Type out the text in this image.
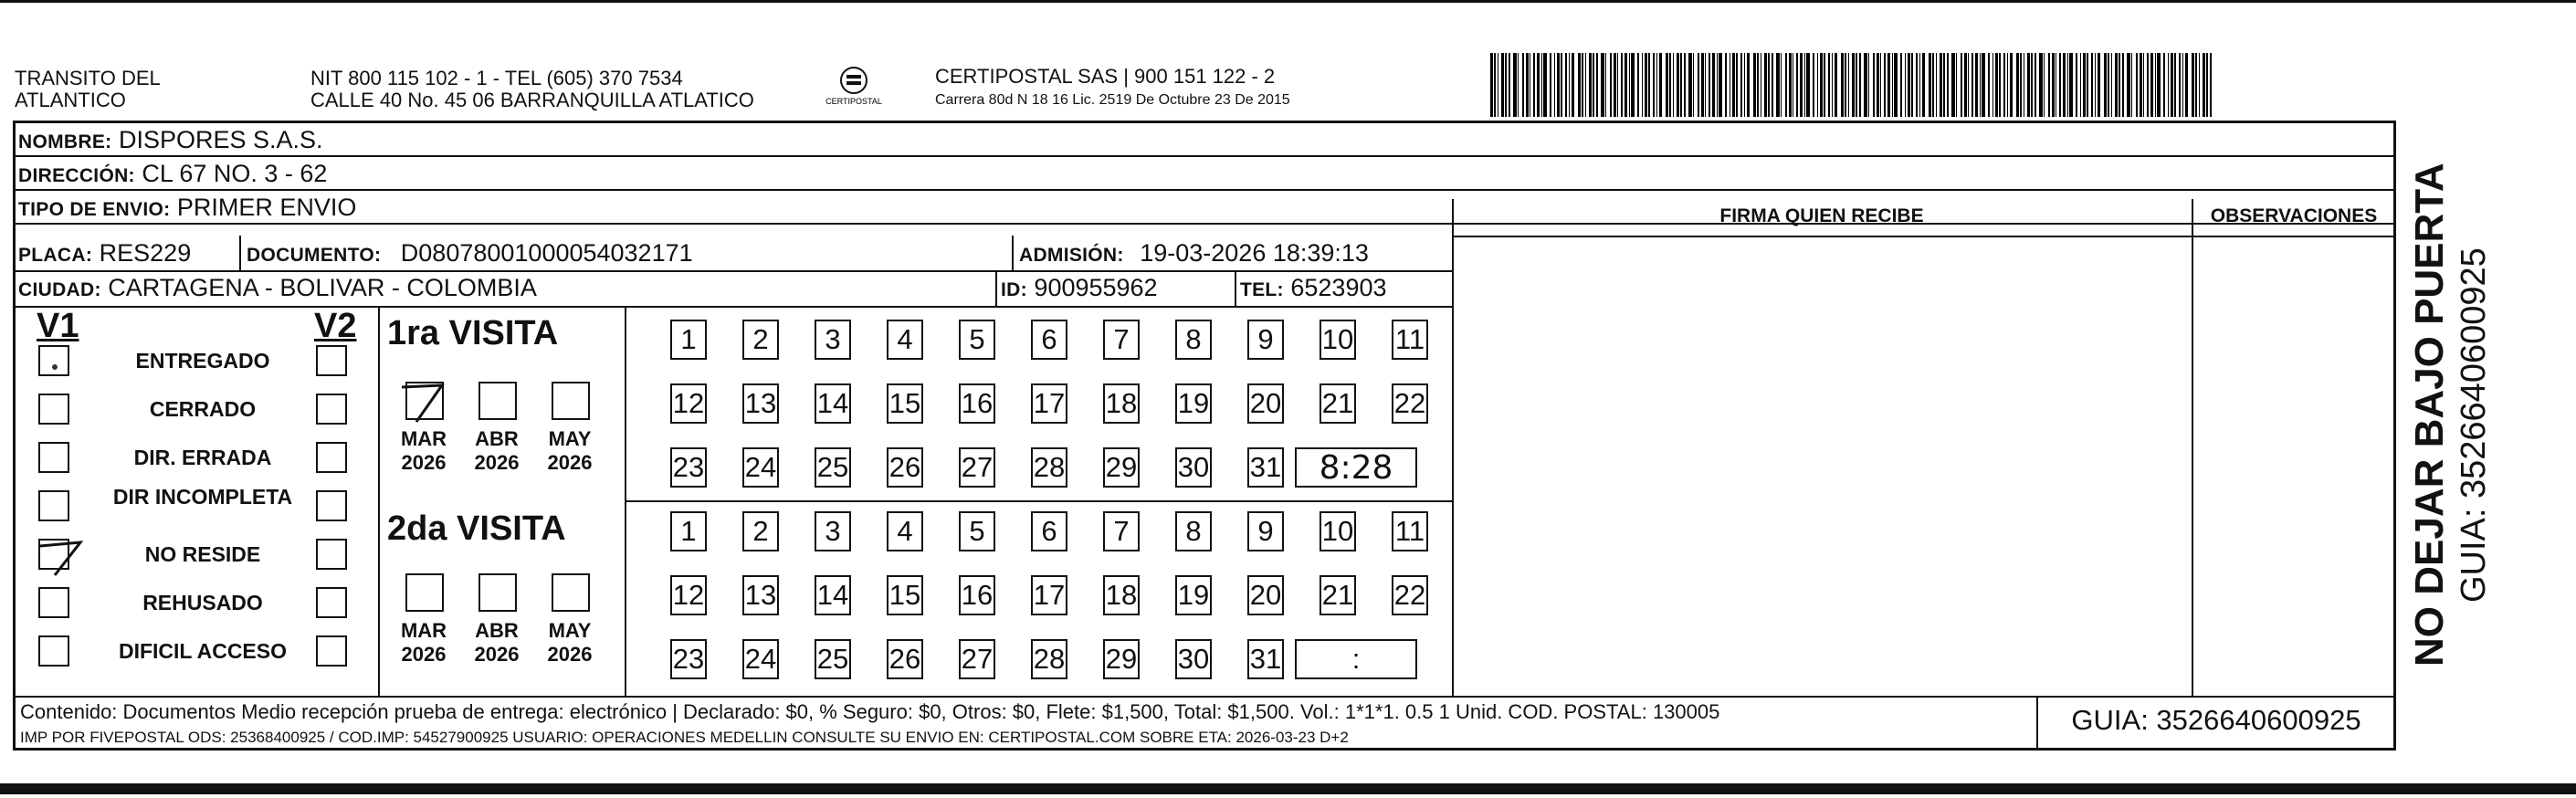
TRANSITO DEL
ATLANTICO
NIT 800 115 102 - 1 - TEL (605) 370 7534
CALLE 40 No. 45 06 BARRANQUILLA ATLATICO	CERTIPOSTAL
CERTIPOSTAL SAS | 900 151 122 - 2
Carrera 80d N 18 16 Lic. 2519 De Octubre 23 De 2015
NOMBRE: DISPORES S.A.S.
DIRECCIÓN: CL 67 NO. 3 - 62
TIPO DE ENVIO: PRIMER ENVIO	FIRMA QUIEN RECIBE	OBSERVACIONES
PLACA: RES229	DOCUMENTO: D08078001000054032171	ADMISIÓN: 19-03-2026 18:39:13
CIUDAD: CARTAGENA - BOLIVAR - COLOMBIA	ID: 900955962	TEL: 6523903
V1	V2
ENTREGADO
CERRADO
DIR. ERRADA
DIR INCOMPLETA
NO RESIDE
REHUSADO
DIFICIL ACCESO
1ra VISITA
2da VISITA
MAR
2026
ABR
2026
MAY
2026
MAR
2026
ABR
2026
MAY
2026
1	2	3	4	5	6	7	8	9	10 11
12 13 14 15 16 17 18 19 20 21 22
23 24 25 26 27 28 29 30 31
1	2	3	4	5	6	7	8	9	10 11
12 13 14 15 16 17 18 19 20 21 22
23 24 25 26 27 28 29 30 31
8:28
:
Contenido: Documentos Medio recepción prueba de entrega: electrónico | Declarado: $0, % Seguro: $0, Otros: $0, Flete: $1,500, Total: $1,500. Vol.: 1*1*1. 0.5 1 Unid. COD. POSTAL: 130005
IMP POR FIVEPOSTAL ODS: 25368400925 / COD.IMP: 54527900925 USUARIO: OPERACIONES MEDELLIN CONSULTE SU ENVIO EN: CERTIPOSTAL.COM SOBRE ETA: 2026-03-23 D+2
GUIA: 3526640600925
NO DEJAR BAJO PUERTA GUIA: 3526640600925
